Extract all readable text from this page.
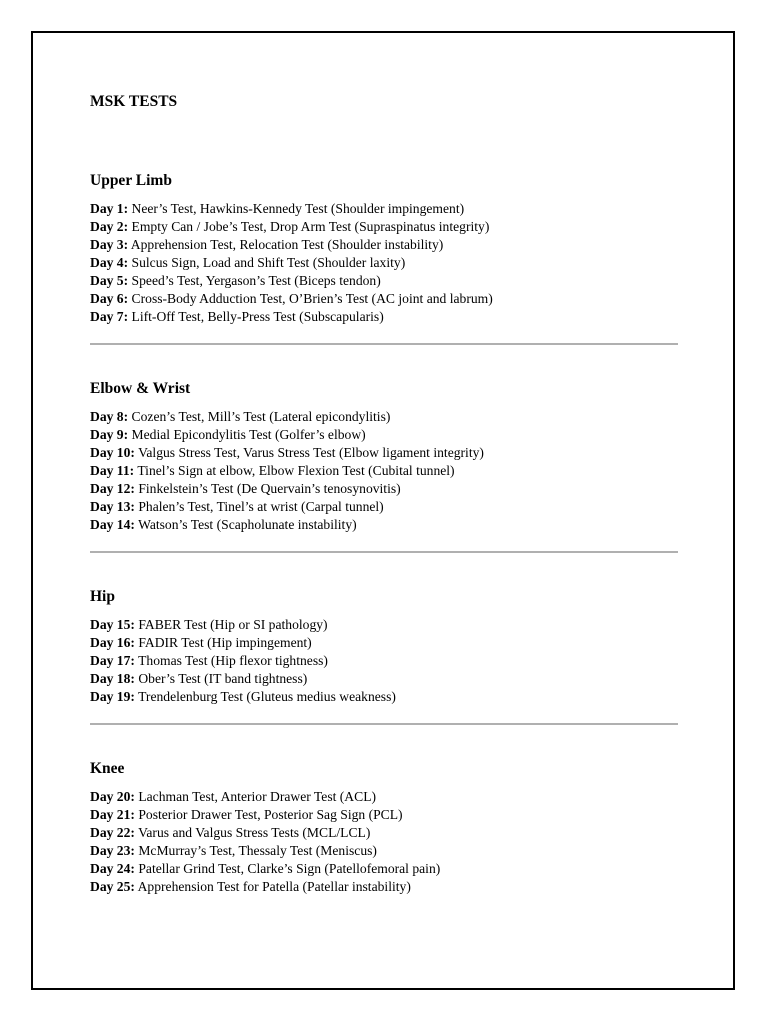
MSK TESTS
Upper Limb
Day 1: Neer’s Test, Hawkins-Kennedy Test (Shoulder impingement)
Day 2: Empty Can / Jobe’s Test, Drop Arm Test (Supraspinatus integrity)
Day 3: Apprehension Test, Relocation Test (Shoulder instability)
Day 4: Sulcus Sign, Load and Shift Test (Shoulder laxity)
Day 5: Speed’s Test, Yergason’s Test (Biceps tendon)
Day 6: Cross-Body Adduction Test, O’Brien’s Test (AC joint and labrum)
Day 7: Lift-Off Test, Belly-Press Test (Subscapularis)
Elbow & Wrist
Day 8: Cozen’s Test, Mill’s Test (Lateral epicondylitis)
Day 9: Medial Epicondylitis Test (Golfer’s elbow)
Day 10: Valgus Stress Test, Varus Stress Test (Elbow ligament integrity)
Day 11: Tinel’s Sign at elbow, Elbow Flexion Test (Cubital tunnel)
Day 12: Finkelstein’s Test (De Quervain’s tenosynovitis)
Day 13: Phalen’s Test, Tinel’s at wrist (Carpal tunnel)
Day 14: Watson’s Test (Scapholunate instability)
Hip
Day 15: FABER Test (Hip or SI pathology)
Day 16: FADIR Test (Hip impingement)
Day 17: Thomas Test (Hip flexor tightness)
Day 18: Ober’s Test (IT band tightness)
Day 19: Trendelenburg Test (Gluteus medius weakness)
Knee
Day 20: Lachman Test, Anterior Drawer Test (ACL)
Day 21: Posterior Drawer Test, Posterior Sag Sign (PCL)
Day 22: Varus and Valgus Stress Tests (MCL/LCL)
Day 23: McMurray’s Test, Thessaly Test (Meniscus)
Day 24: Patellar Grind Test, Clarke’s Sign (Patellofemoral pain)
Day 25: Apprehension Test for Patella (Patellar instability)
